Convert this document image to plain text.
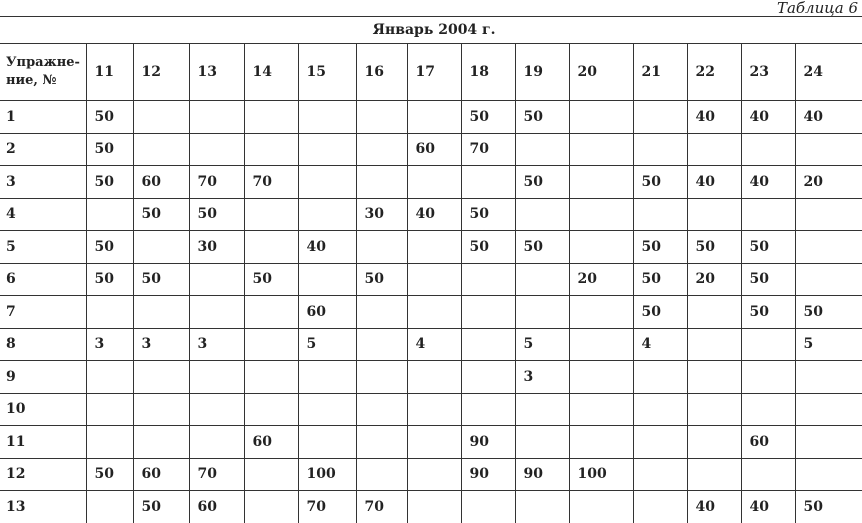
Таблица 6
Январь 2004 г.														
Упражне-ние, №	11	12	13	14	15	16	17	18	19	20	21	22	23	24
1	50							50	50			40	40	40
2	50						60	70						
3	50	60	70	70					50		50	40	40	20
4		50	50			30	40	50						
5	50		30		40			50	50		50	50	50	
6	50	50		50		50				20	50	20	50	
7					60						50		50	50
8	3	3	3		5		4		5		4			5
9									3					
10														
11				60				90					60	
12	50	60	70		100			90	90	100				
13		50	60		70	70						40	40	50
